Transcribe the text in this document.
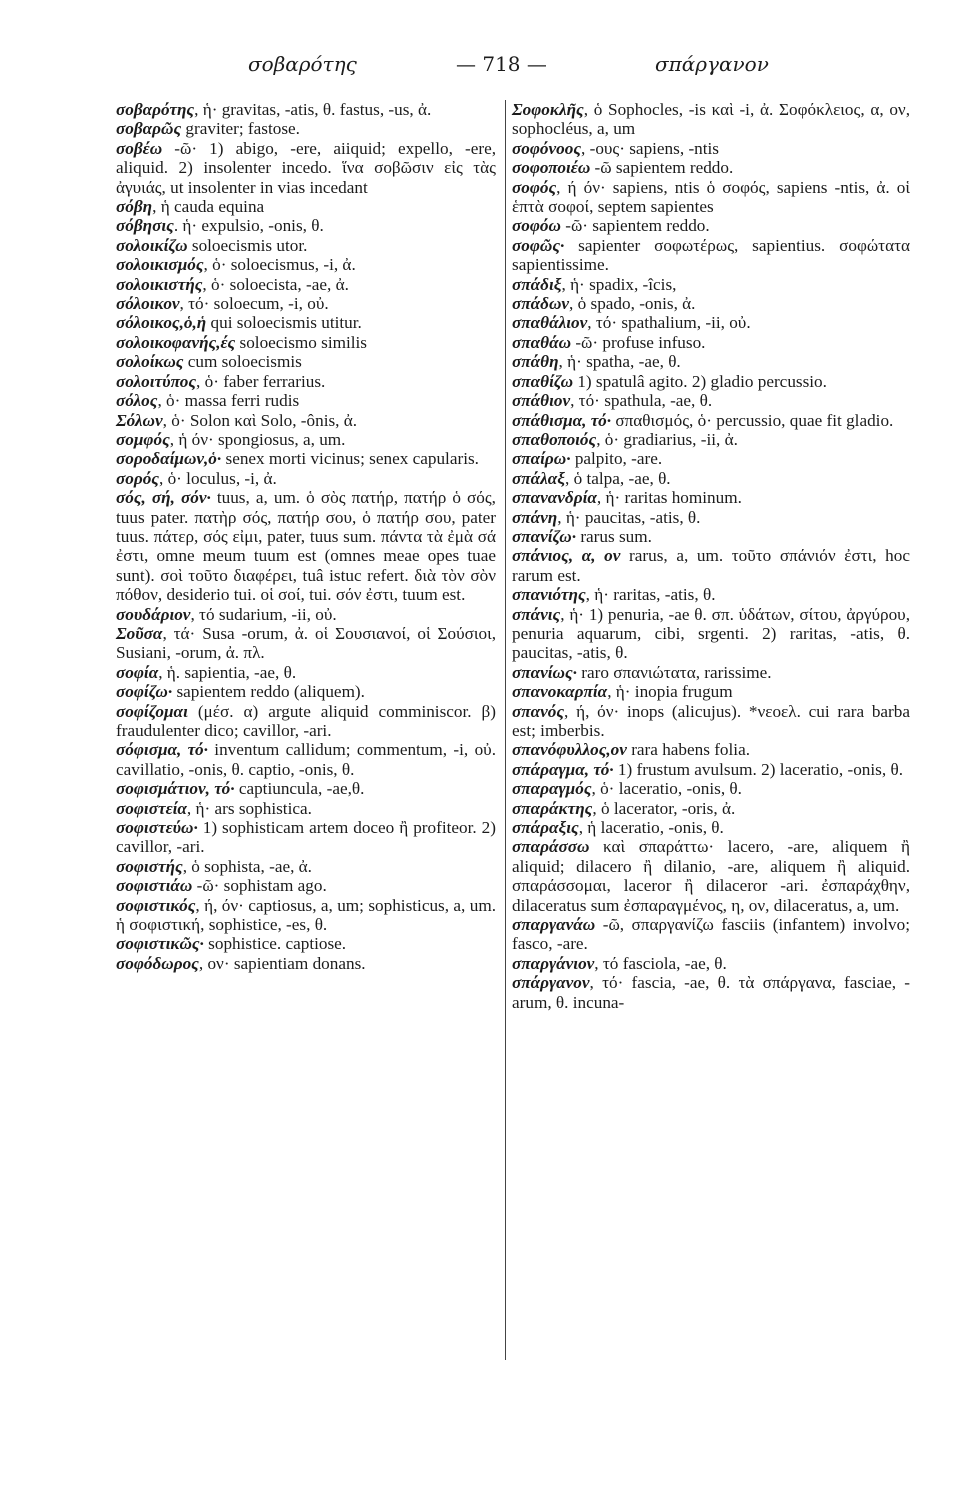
σοβαρότης	— 718 —	σπάργανον

σοβαρότης, ἡ· gravitas, -atis, θ. fastus, -us, ἀ.

σοβαρῶς graviter; fastose.

σοβέω -ῶ· 1) abigo, -ere, aiiquid; expello, -ere, aliquid. 2) insolenter incedo. ἵνα σοβῶσιν εἰς τὰς ἀγυιάς, ut insolenter in vias incedant

σόβη, ἡ cauda equina

σόβησις. ἡ· expulsio, -onis, θ.

σολοικίζω soloecismis utor.

σολοικισμός, ὁ· soloecismus, -i, ἀ.

σολοικιστής, ὁ· soloecista, -ae, ἀ.

σόλοικον, τό· soloecum, -i, οὐ.

σόλοικος,ὁ,ἡ qui soloecismis utitur.

σολοικοφανής,ές soloecismo similis

σολοίκως cum soloecismis

σολοιτύπος, ὁ· faber ferrarius.

σόλος, ὁ· massa ferri rudis

Σόλων, ὁ· Solon καὶ Solo, -ônis, ἀ.

σομφός, ἡ όν· spongiosus, a, um.

σοροδαίμων,ὁ· senex morti vicinus; senex capularis.

σορός, ὁ· loculus, -i, ἀ.

σός, σή, σόν· tuus, a, um. ὁ σὸς πατήρ, πατήρ ὁ σός, tuus pater. πατὴρ σός, πατήρ σου, ὁ πατήρ σου, pater tuus. πάτερ, σός εἰμι, pater, tuus sum. πάντα τὰ ἐμὰ σά ἐστι, omne meum tuum est (omnes meae opes tuae sunt). σοὶ τοῦτο διαφέρει, tuâ istuc refert. διὰ τὸν σὸν πόθον, desiderio tui. οἱ σοί, tui. σόν ἐστι, tuum est.

σουδάριον, τό sudarium, -ii, οὐ.

Σοῦσα, τά· Susa -orum, ἀ. οἱ Σουσιανοί, οἱ Σούσιοι, Susiani, -orum, ἀ. πλ.

σοφία, ἡ. sapientia, -ae, θ.

σοφίζω· sapientem reddo (aliquem).

σοφίζομαι (μέσ. α) argute aliquid comminiscor. β) fraudulenter dico; cavillor, -ari.

σόφισμα, τό· inventum callidum; commentum, -i, οὐ. cavillatio, -onis, θ. captio, -onis, θ.

σοφισμάτιον, τό· captiuncula, -ae,θ.

σοφιστεία, ἡ· ars sophistica.

σοφιστεύω· 1) sophisticam artem doceo ἢ profiteor. 2) cavillor, -ari.

σοφιστής, ὁ sophista, -ae, ἀ.

σοφιστιάω -ῶ· sophistam ago.

σοφιστικός, ή, όν· captiosus, a, um; sophisticus, a, um. ἡ σοφιστική, sophistice, -es, θ.

σοφιστικῶς· sophistice. captiose.

σοφόδωρος, ον· sapientiam donans.

Σοφοκλῆς, ὁ Sophocles, -is καὶ -i, ἀ. Σοφόκλειος, α, ον, sophocléus, a, um

σοφόνοος, -ους· sapiens, -ntis

σοφοποιέω -ῶ sapientem reddo.

σοφός, ή όν· sapiens, ntis ὁ σοφός, sapiens -ntis, ἀ. οἱ ἑπτὰ σοφοί, septem sapientes

σοφόω -ῶ· sapientem reddo.

σοφῶς· sapienter σοφωτέρως, sapientius. σοφώτατα sapientissime.

σπάδιξ, ἡ· spadix, -îcis,

σπάδων, ὁ spado, -onis, ἀ.

σπαθάλιον, τό· spathalium, -ii, οὐ.

σπαθάω -ῶ· profuse infuso.

σπάθη, ἡ· spatha, -ae, θ.

σπαθίζω 1) spatulâ agito. 2) gladio percussio.

σπάθιον, τό· spathula, -ae, θ.

σπάθισμα, τό· σπαθισμός, ὁ· percussio, quae fit gladio.

σπαθοποιός, ὁ· gradiarius, -ii, ἀ.

σπαίρω· palpito, -are.

σπάλαξ, ὁ talpa, -ae, θ.

σπανανδρία, ἡ· raritas hominum.

σπάνη, ἡ· paucitas, -atis, θ.

σπανίζω· rarus sum.

σπάνιος, α, ον rarus, a, um. τοῦτο σπάνιόν ἐστι, hoc rarum est.

σπανιότης, ἡ· raritas, -atis, θ.

σπάνις, ἡ· 1) penuria, -ae θ. σπ. ὑδάτων, σίτου, ἀργύρου, penuria aquarum, cibi, srgenti. 2) raritas, -atis, θ. paucitas, -atis, θ.

σπανίως· raro σπανιώτατα, rarissime.

σπανοκαρπία, ἡ· inopia frugum

σπανός, ή, όν· inops (alicujus). *νεοελ. cui rara barba est; imberbis.

σπανόφυλλος,ον rara habens folia.

σπάραγμα, τό· 1) frustum avulsum. 2) laceratio, -onis, θ.

σπαραγμός, ὁ· laceratio, -onis, θ.

σπαράκτης, ὁ lacerator, -oris, ἀ.

σπάραξις, ἡ laceratio, -onis, θ.

σπαράσσω καὶ σπαράττω· lacero, -are, aliquem ἢ aliquid; dilacero ἢ dilanio, -are, aliquem ἢ aliquid. σπαράσσομαι, laceror ἢ dilaceror -ari. ἐσπαράχθην, dilaceratus sum ἐσπαραγμένος, η, ον, dilaceratus, a, um.

σπαργανάω -ῶ, σπαργανίζω fasciis (infantem) involvo; fasco, -are.

σπαργάνιον, τό fasciola, -ae, θ.

σπάργανον, τό· fascia, -ae, θ. τὰ σπάργανα, fasciae, -arum, θ. incuna-
